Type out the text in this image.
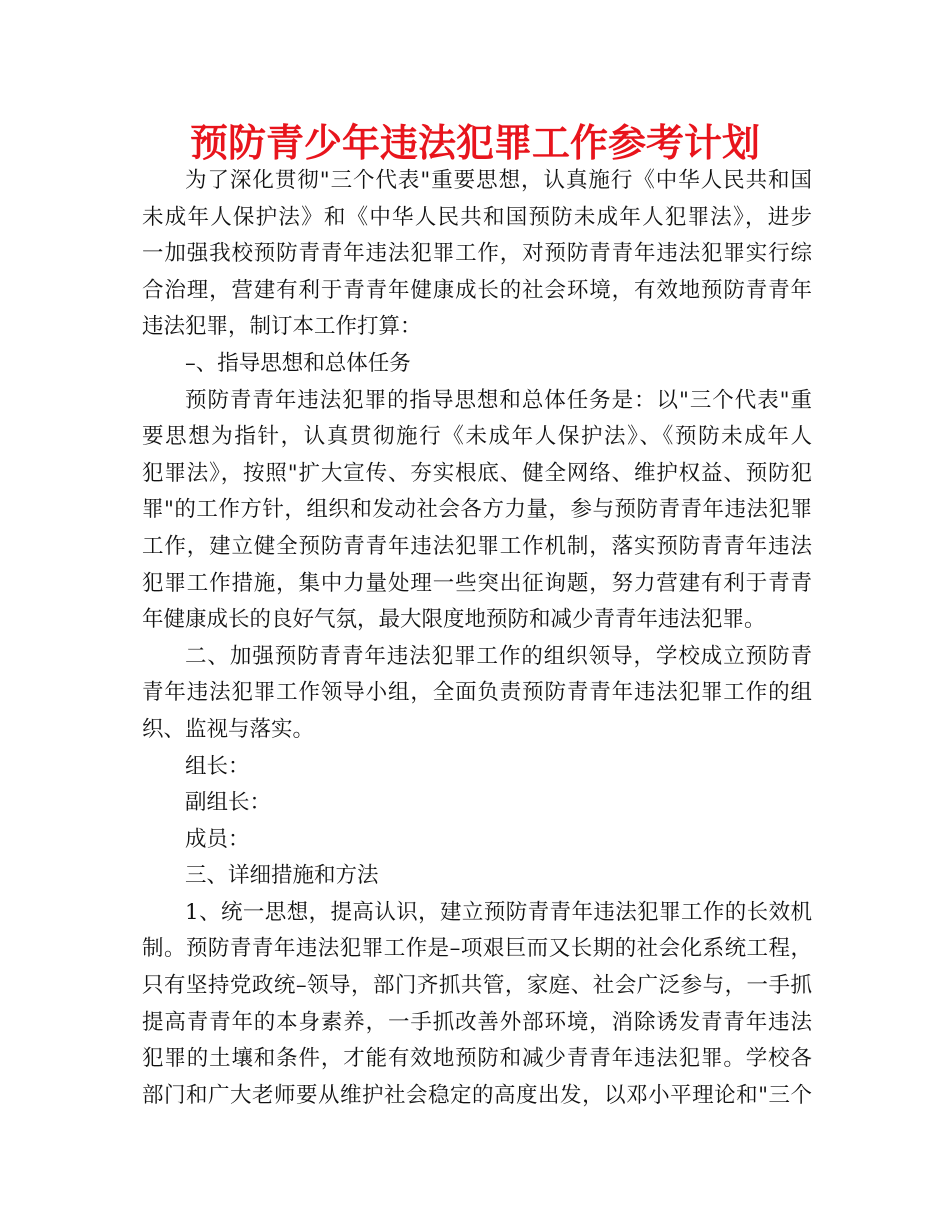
预防青少年违法犯罪工作参考计划
为了深化贯彻"三个代表"重要思想，认真施行《中华人民共和国
未成年人保护法》和《中华人民共和国预防未成年人犯罪法》，进步
一加强我校预防青青年违法犯罪工作，对预防青青年违法犯罪实行综
合治理，营建有利于青青年健康成长的社会环境，有效地预防青青年
违法犯罪，制订本工作打算：
–、指导思想和总体任务
预防青青年违法犯罪的指导思想和总体任务是：以"三个代表"重
要思想为指针，认真贯彻施行《未成年人保护法》、《预防未成年人
犯罪法》，按照"扩大宣传、夯实根底、健全网络、维护权益、预防犯
罪"的工作方针，组织和发动社会各方力量，参与预防青青年违法犯罪
工作，建立健全预防青青年违法犯罪工作机制，落实预防青青年违法
犯罪工作措施，集中力量处理一些突出征询题，努力营建有利于青青
年健康成长的良好气氛，最大限度地预防和减少青青年违法犯罪。
二、加强预防青青年违法犯罪工作的组织领导，学校成立预防青
青年违法犯罪工作领导小组，全面负责预防青青年违法犯罪工作的组
织、监视与落实。
组长：
副组长：
成员：
三、详细措施和方法
1、统一思想，提高认识，建立预防青青年违法犯罪工作的长效机
制。预防青青年违法犯罪工作是–项艰巨而又长期的社会化系统工程，
只有坚持党政统–领导，部门齐抓共管，家庭、社会广泛参与，一手抓
提高青青年的本身素养，一手抓改善外部环境，消除诱发青青年违法
犯罪的土壤和条件，才能有效地预防和减少青青年违法犯罪。学校各
部门和广大老师要从维护社会稳定的高度出发，以邓小平理论和"三个
